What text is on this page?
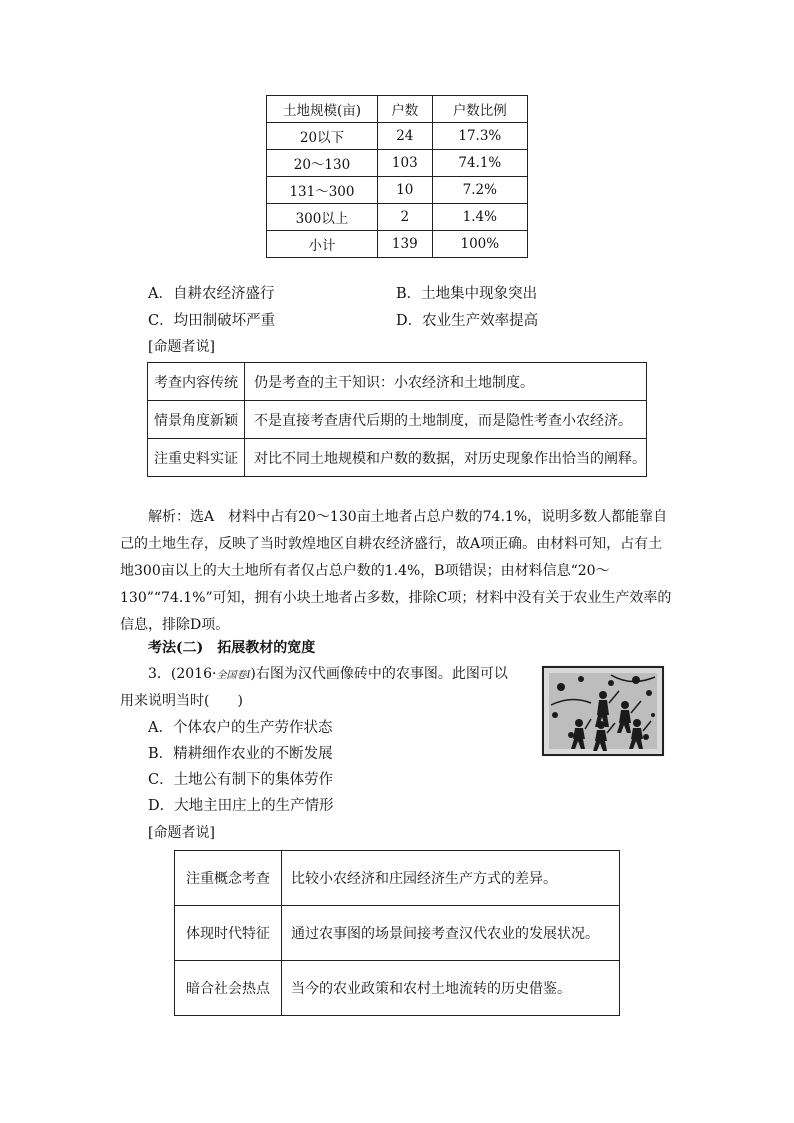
土地规模(亩)	户数	户数比例
20以下	24	17.3%
20～130	103	74.1%
131～300	10	7.2%
300以上	2	1.4%
小计	139	100%
A．自耕农经济盛行	B．土地集中现象突出
C．均田制破坏严重	D．农业生产效率提高
[命题者说]
考查内容传统	仍是考查的主干知识：小农经济和土地制度。
情景角度新颖	不是直接考查唐代后期的土地制度，而是隐性考查小农经济。
注重史料实证	对比不同土地规模和户数的数据，对历史现象作出恰当的阐释。
解析：选A　材料中占有20～130亩土地者占总户数的74.1%，说明多数人都能靠自
己的土地生存，反映了当时敦煌地区自耕农经济盛行，故A项正确。由材料可知，占有土
地300亩以上的大土地所有者仅占总户数的1.4%，B项错误；由材料信息“20～
130”“74.1%”可知，拥有小块土地者占多数，排除C项；材料中没有关于农业生产效率的
信息，排除D项。
考法(二)　拓展教材的宽度
3．(2016·全国卷Ⅰ)右图为汉代画像砖中的农事图。此图可以
用来说明当时(　　)
A．个体农户的生产劳作状态
B．精耕细作农业的不断发展
C．土地公有制下的集体劳作
D．大地主田庄上的生产情形
[命题者说]
注重概念考查	比较小农经济和庄园经济生产方式的差异。
体现时代特征	通过农事图的场景间接考查汉代农业的发展状况。
暗合社会热点	当今的农业政策和农村土地流转的历史借鉴。
